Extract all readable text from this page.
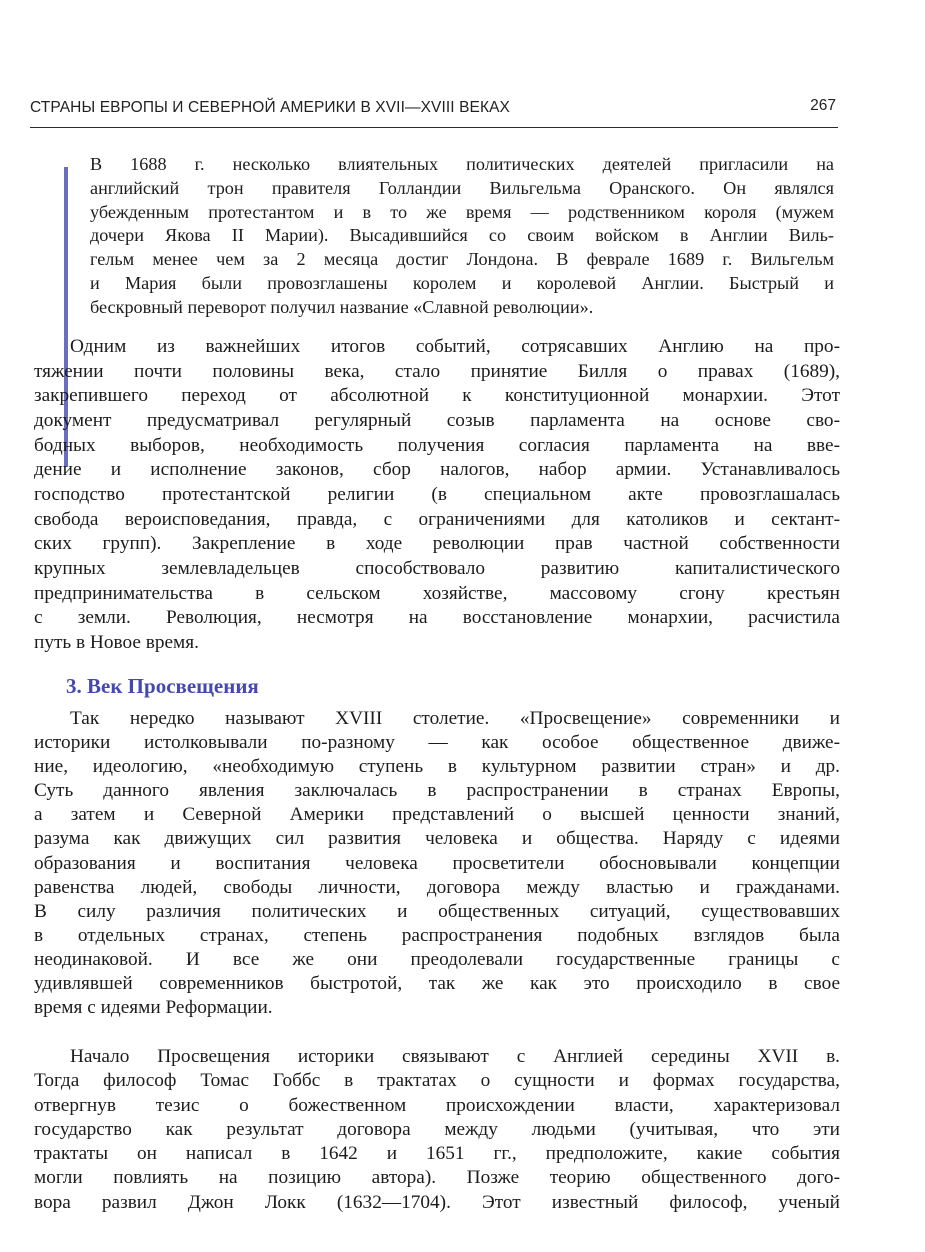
СТРАНЫ ЕВРОПЫ И СЕВЕРНОЙ АМЕРИКИ В XVII—XVIII ВЕКАХ	267
В 1688 г. несколько влиятельных политических деятелей пригласили на
английский трон правителя Голландии Вильгельма Оранского. Он являлся
убежденным протестантом и в то же время — родственником короля (мужем
дочери Якова II Марии). Высадившийся со своим войском в Англии Виль-
гельм менее чем за 2 месяца достиг Лондона. В феврале 1689 г. Вильгельм
и Мария были провозглашены королем и королевой Англии. Быстрый и
бескровный переворот получил название «Славной революции».
Одним из важнейших итогов событий, сотрясавших Англию на про-
тяжении почти половины века, стало принятие Билля о правах (1689),
закрепившего переход от абсолютной к конституционной монархии. Этот
документ предусматривал регулярный созыв парламента на основе сво-
бодных выборов, необходимость получения согласия парламента на вве-
дение и исполнение законов, сбор налогов, набор армии. Устанавливалось
господство протестантской религии (в специальном акте провозглашалась
свобода вероисповедания, правда, с ограничениями для католиков и сектант-
ских групп). Закрепление в ходе революции прав частной собственности
крупных землевладельцев способствовало развитию капиталистического
предпринимательства в сельском хозяйстве, массовому сгону крестьян
с земли. Революция, несмотря на восстановление монархии, расчистила
путь в Новое время.
3. Век Просвещения
Так нередко называют XVIII столетие. «Просвещение» современники и
историки истолковывали по-разному — как особое общественное движе-
ние, идеологию, «необходимую ступень в культурном развитии стран» и др.
Суть данного явления заключалась в распространении в странах Европы,
а затем и Северной Америки представлений о высшей ценности знаний,
разума как движущих сил развития человека и общества. Наряду с идеями
образования и воспитания человека просветители обосновывали концепции
равенства людей, свободы личности, договора между властью и гражданами.
В силу различия политических и общественных ситуаций, существовавших
в отдельных странах, степень распространения подобных взглядов была
неодинаковой. И все же они преодолевали государственные границы с
удивлявшей современников быстротой, так же как это происходило в свое
время с идеями Реформации.
Начало Просвещения историки связывают с Англией середины XVII в.
Тогда философ Томас Гоббс в трактатах о сущности и формах государства,
отвергнув тезис о божественном происхождении власти, характеризовал
государство как результат договора между людьми (учитывая, что эти
трактаты он написал в 1642 и 1651 гг., предположите, какие события
могли повлиять на позицию автора). Позже теорию общественного дого-
вора развил Джон Локк (1632—1704). Этот известный философ, ученый
